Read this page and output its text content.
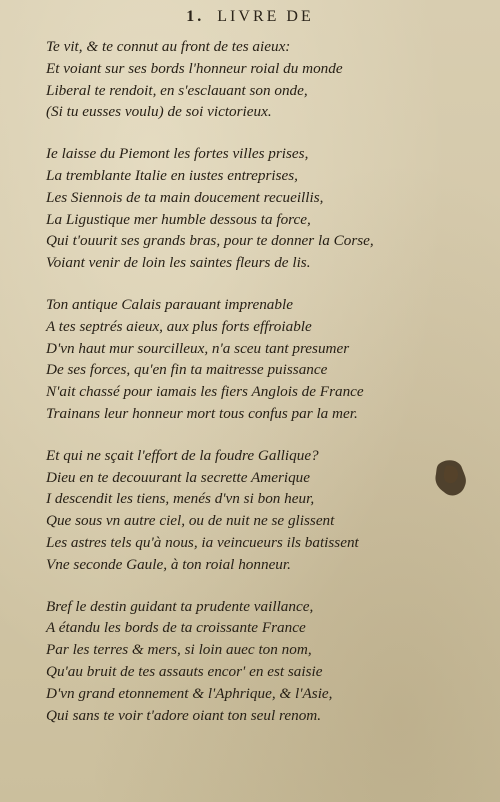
1. LIVRE DE
Te vit, & te connut au front de tes aieux:
Et voiant sur ses bords l'honneur roial du monde
Liberal te rendoit, en s'esclauant son onde,
(Si tu eusses voulu) de soi victorieux.
Ie laisse du Piemont les fortes villes prises,
La tremblante Italie en iustes entreprises,
Les Siennois de ta main doucement recueillis,
La Ligustique mer humble dessous ta force,
Qui t'ouurit ses grands bras, pour te donner la Corse,
Voiant venir de loin les saintes fleurs de lis.
Ton antique Calais parauant imprenable
A tes septrés aieux, aux plus forts effroiable
D'vn haut mur sourcilleux, n'a sceu tant presumer
De ses forces, qu'en fin ta maitresse puissance
N'ait chassé pour iamais les fiers Anglois de France
Trainans leur honneur mort tous confus par la mer.
Et qui ne sçait l'effort de la foudre Gallique?
Dieu en te decouurant la secrette Amerique
I descendit les tiens, menés d'vn si bon heur,
Que sous vn autre ciel, ou de nuit ne se glissent
Les astres tels qu'à nous, ia veincueurs ils batissent
Vne seconde Gaule, à ton roial honneur.
Bref le destin guidant ta prudente vaillance,
A étandu les bords de ta croissante France
Par les terres & mers, si loin auec ton nom,
Qu'au bruit de tes assauts encor' en est saisie
D'vn grand etonnement & l'Aphrique, & l'Asie,
Qui sans te voir t'adore oiant ton seul renom.
